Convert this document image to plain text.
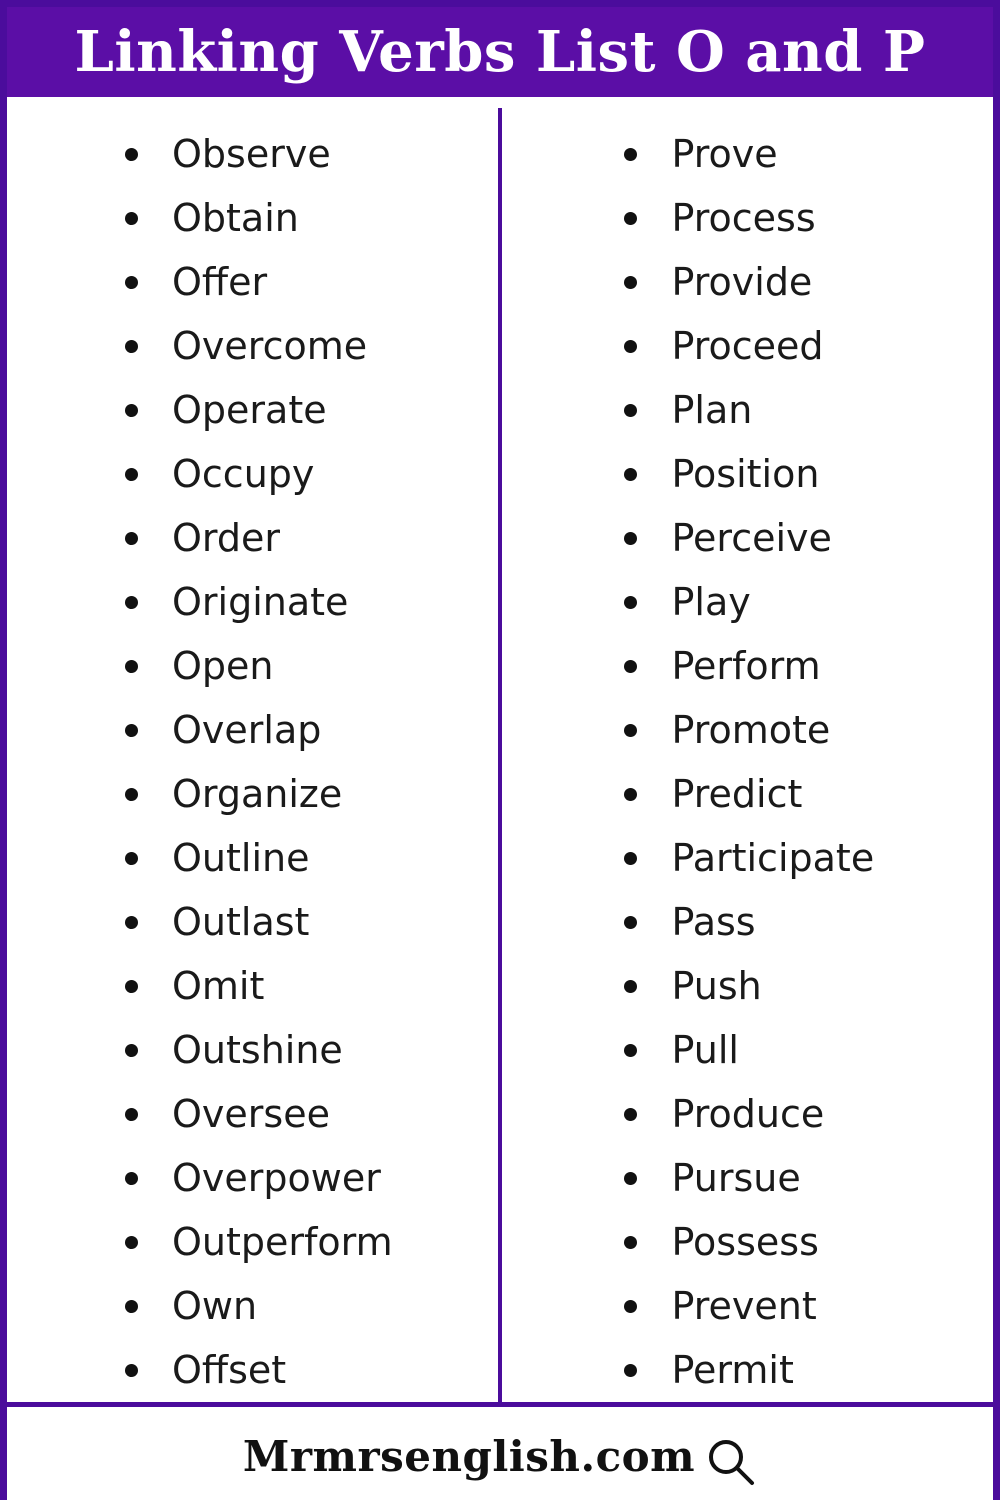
Linking Verbs List O and P
Observe
Obtain
Offer
Overcome
Operate
Occupy
Order
Originate
Open
Overlap
Organize
Outline
Outlast
Omit
Outshine
Oversee
Overpower
Outperform
Own
Offset
Prove
Process
Provide
Proceed
Plan
Position
Perceive
Play
Perform
Promote
Predict
Participate
Pass
Push
Pull
Produce
Pursue
Possess
Prevent
Permit
Mrmrsenglish.com
